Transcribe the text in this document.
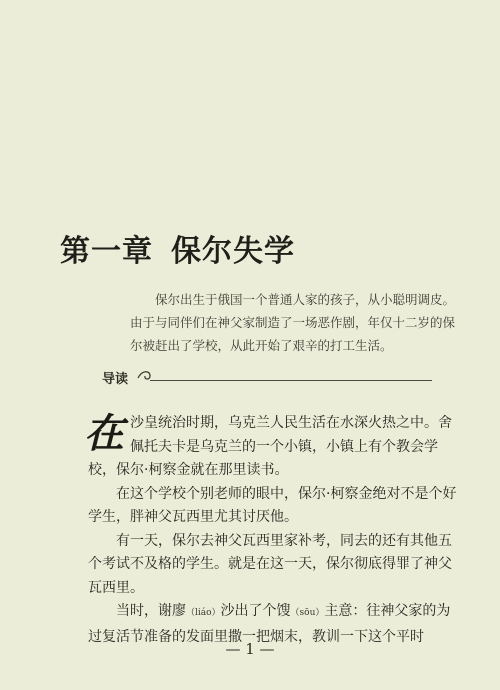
第一章 保尔失学

保尔出生于俄国一个普通人家的孩子，从小聪明调皮。由于与同伴们在神父家制造了一场恶作剧，年仅十二岁的保尔被赶出了学校，从此开始了艰辛的打工生活。

导读

在沙皇统治时期，乌克兰人民生活在水深火热之中。舍佩托夫卡是乌克兰的一个小镇，小镇上有个教会学校，保尔·柯察金就在那里读书。

在这个学校个别老师的眼中，保尔·柯察金绝对不是个好学生，胖神父瓦西里尤其讨厌他。

有一天，保尔去神父瓦西里家补考，同去的还有其他五个考试不及格的学生。就是在这一天，保尔彻底得罪了神父瓦西里。

当时，谢廖（liáo）沙出了个馊（sōu）主意：往神父家的为过复活节准备的发面里撒一把烟末，教训一下这个平时

— 1 —
